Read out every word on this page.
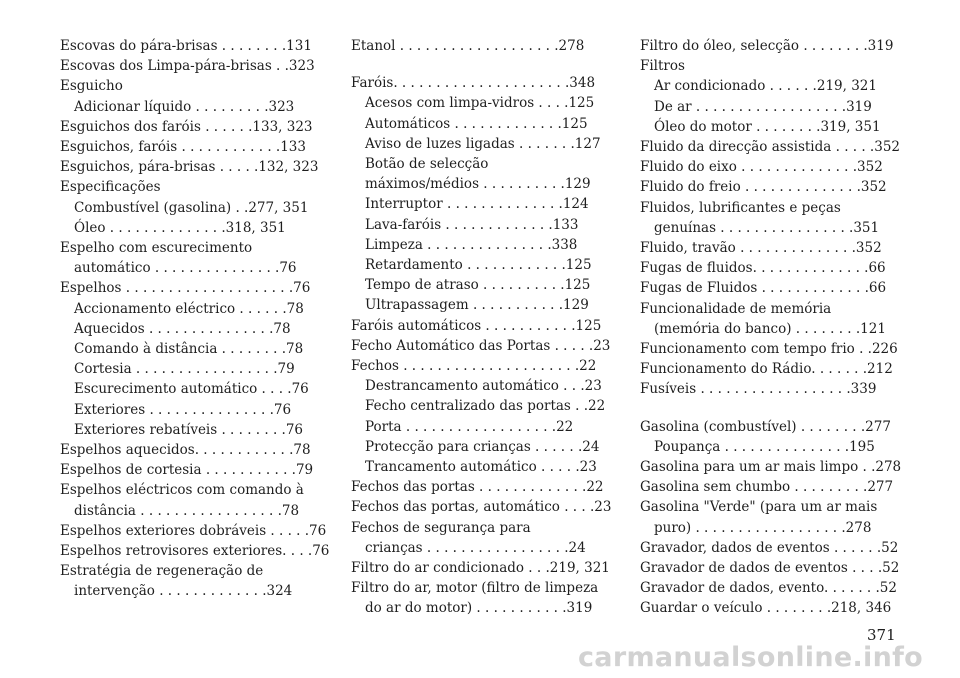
Escovas do pára-brisas . . . . . . . .131
Escovas dos Limpa-pára-brisas . .323
Esguicho
Adicionar líquido . . . . . . . . .323
Esguichos dos faróis . . . . . .133, 323
Esguichos, faróis . . . . . . . . . . . .133
Esguichos, pára-brisas . . . . .132, 323
Especificações
Combustível (gasolina) . .277, 351
Óleo . . . . . . . . . . . . . .318, 351
Espelho com escurecimento
automático . . . . . . . . . . . . . . .76
Espelhos . . . . . . . . . . . . . . . . . . . .76
Accionamento eléctrico . . . . . .78
Aquecidos . . . . . . . . . . . . . . .78
Comando à distância . . . . . . . .78
Cortesia . . . . . . . . . . . . . . . . .79
Escurecimento automático . . . .76
Exteriores . . . . . . . . . . . . . . .76
Exteriores rebatíveis . . . . . . . .76
Espelhos aquecidos. . . . . . . . . . . .78
Espelhos de cortesia . . . . . . . . . . .79
Espelhos eléctricos com comando à
distância . . . . . . . . . . . . . . . . .78
Espelhos exteriores dobráveis . . . . .76
Espelhos retrovisores exteriores. . . .76
Estratégia de regeneração de
intervenção . . . . . . . . . . . . .324
Etanol . . . . . . . . . . . . . . . . . . .278
Faróis. . . . . . . . . . . . . . . . . . . . .348
Acesos com limpa-vidros . . . .125
Automáticos . . . . . . . . . . . . .125
Aviso de luzes ligadas . . . . . . .127
Botão de selecção
máximos/médios . . . . . . . . . .129
Interruptor . . . . . . . . . . . . . .124
Lava-faróis . . . . . . . . . . . . .133
Limpeza . . . . . . . . . . . . . . .338
Retardamento . . . . . . . . . . . .125
Tempo de atraso . . . . . . . . . .125
Ultrapassagem . . . . . . . . . . .129
Faróis automáticos . . . . . . . . . . .125
Fecho Automático das Portas . . . . .23
Fechos . . . . . . . . . . . . . . . . . . . . .22
Destrancamento automático . . .23
Fecho centralizado das portas . .22
Porta . . . . . . . . . . . . . . . . . .22
Protecção para crianças . . . . . .24
Trancamento automático . . . . .23
Fechos das portas . . . . . . . . . . . . .22
Fechos das portas, automático . . . .23
Fechos de segurança para
crianças . . . . . . . . . . . . . . . . .24
Filtro do ar condicionado . . .219, 321
Filtro do ar, motor (filtro de limpeza
do ar do motor) . . . . . . . . . . .319
Filtro do óleo, selecção . . . . . . . .319
Filtros
Ar condicionado . . . . . .219, 321
De ar . . . . . . . . . . . . . . . . . .319
Óleo do motor . . . . . . . .319, 351
Fluido da direcção assistida . . . . .352
Fluido do eixo . . . . . . . . . . . . . .352
Fluido do freio . . . . . . . . . . . . . .352
Fluidos, lubrificantes e peças
genuínas . . . . . . . . . . . . . . . .351
Fluido, travão . . . . . . . . . . . . . .352
Fugas de fluidos. . . . . . . . . . . . . .66
Fugas de Fluidos . . . . . . . . . . . . .66
Funcionalidade de memória
(memória do banco) . . . . . . . .121
Funcionamento com tempo frio . .226
Funcionamento do Rádio. . . . . . .212
Fusíveis . . . . . . . . . . . . . . . . . .339
Gasolina (combustível) . . . . . . . .277
Poupança . . . . . . . . . . . . . . .195
Gasolina para um ar mais limpo . .278
Gasolina sem chumbo . . . . . . . . .277
Gasolina "Verde" (para um ar mais
puro) . . . . . . . . . . . . . . . . . .278
Gravador, dados de eventos . . . . . .52
Gravador de dados de eventos . . . .52
Gravador de dados, evento. . . . . . .52
Guardar o veículo . . . . . . . .218, 346
371
carmanualsonline.info
